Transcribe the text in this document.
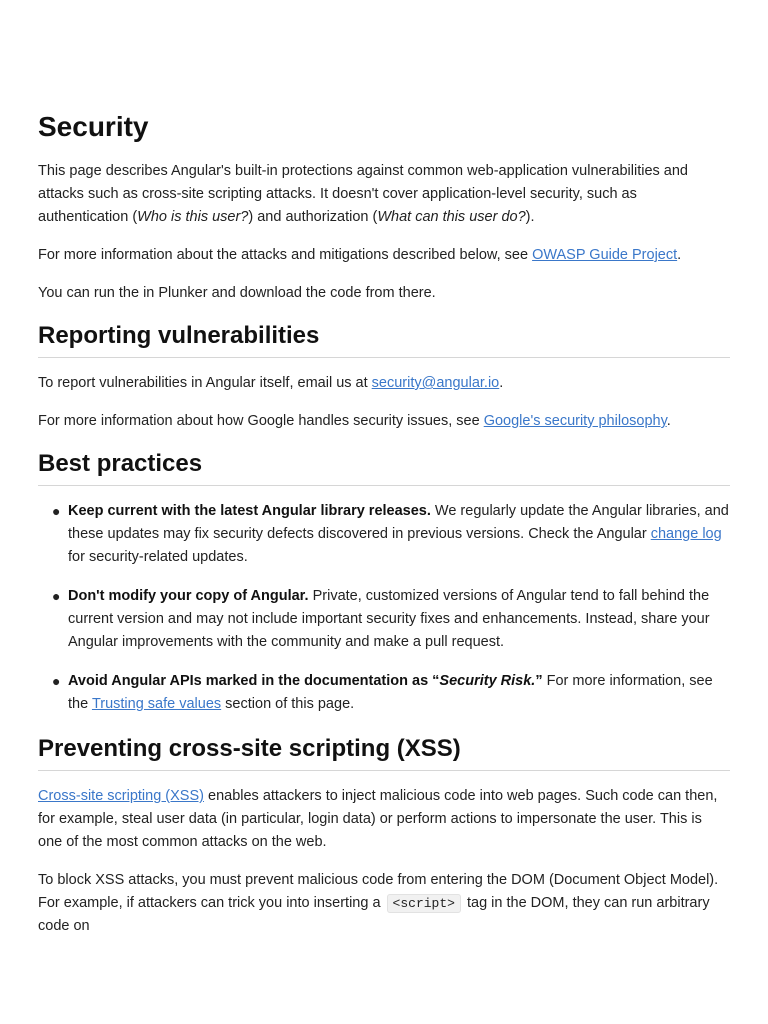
Security

This page describes Angular's built-in protections against common web-application vulnerabilities and attacks such as cross-site scripting attacks. It doesn't cover application-level security, such as authentication (Who is this user?) and authorization (What can this user do?).

For more information about the attacks and mitigations described below, see OWASP Guide Project.

You can run the in Plunker and download the code from there.

Reporting vulnerabilities

To report vulnerabilities in Angular itself, email us at security@angular.io.

For more information about how Google handles security issues, see Google's security philosophy.

Best practices
● Keep current with the latest Angular library releases. We regularly update the Angular libraries, and these updates may fix security defects discovered in previous versions. Check the Angular change log for security-related updates.
● Don't modify your copy of Angular. Private, customized versions of Angular tend to fall behind the current version and may not include important security fixes and enhancements. Instead, share your Angular improvements with the community and make a pull request.
● Avoid Angular APIs marked in the documentation as “Security Risk.” For more information, see the Trusting safe values section of this page.
Preventing cross-site scripting (XSS)

Cross-site scripting (XSS) enables attackers to inject malicious code into web pages. Such code can then, for example, steal user data (in particular, login data) or perform actions to impersonate the user. This is one of the most common attacks on the web.

To block XSS attacks, you must prevent malicious code from entering the DOM (Document Object Model). For example, if attackers can trick you into inserting a <script> tag in the DOM, they can run arbitrary code on
